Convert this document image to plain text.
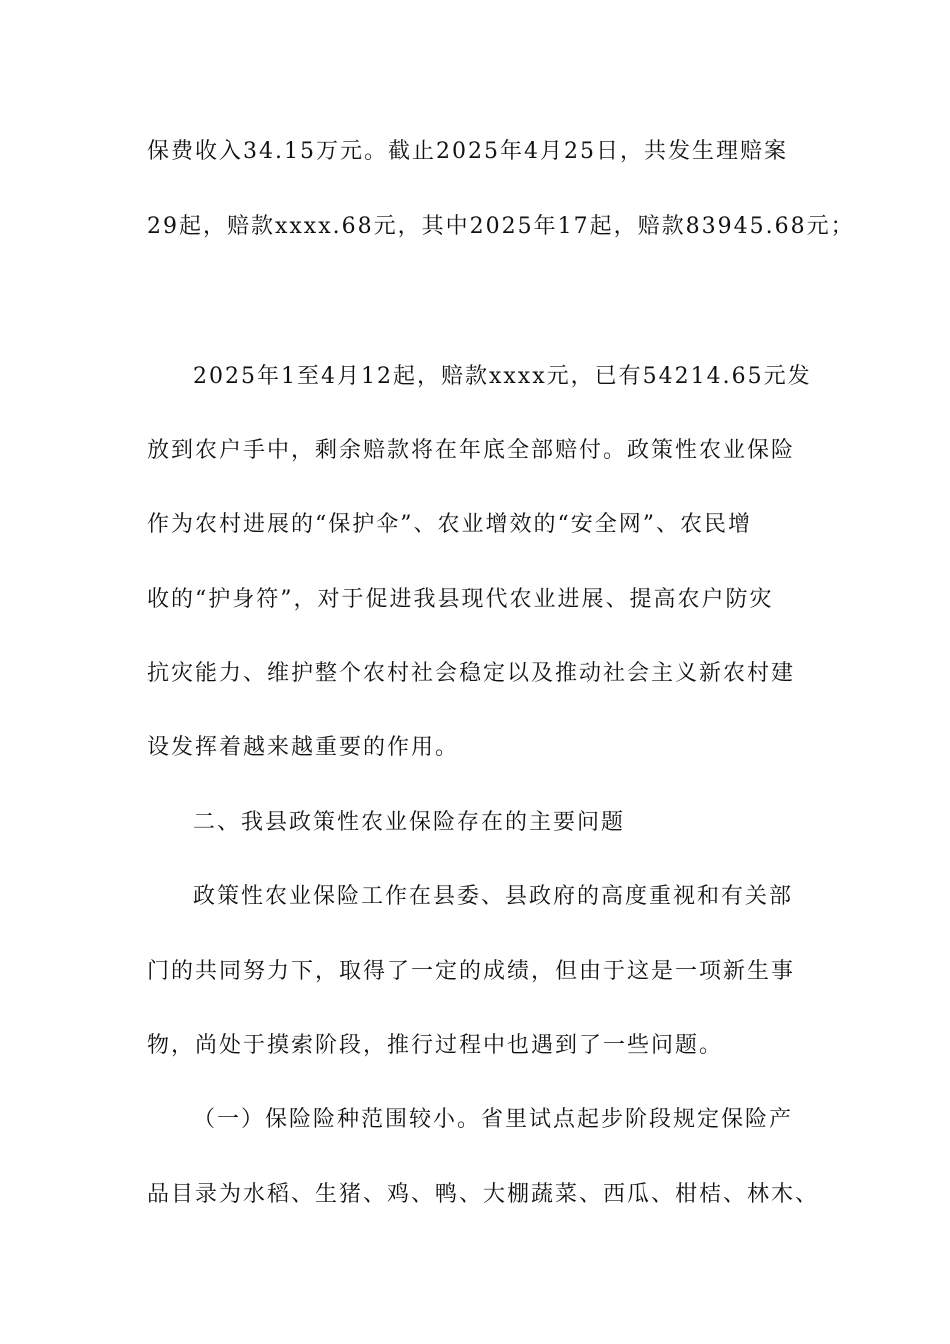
保费收入34.15万元。截止2025年4月25日，共发生理赔案
29起，赔款xxxx.68元，其中2025年17起，赔款83945.68元；
2025年1至4月12起，赔款xxxx元，已有54214.65元发
放到农户手中，剩余赔款将在年底全部赔付。政策性农业保险
作为农村进展的“保护伞”、农业增效的“安全网”、农民增
收的“护身符”，对于促进我县现代农业进展、提高农户防灾
抗灾能力、维护整个农村社会稳定以及推动社会主义新农村建
设发挥着越来越重要的作用。
二、我县政策性农业保险存在的主要问题
政策性农业保险工作在县委、县政府的高度重视和有关部
门的共同努力下，取得了一定的成绩，但由于这是一项新生事
物，尚处于摸索阶段，推行过程中也遇到了一些问题。
（一）保险险种范围较小。省里试点起步阶段规定保险产
品目录为水稻、生猪、鸡、鸭、大棚蔬菜、西瓜、柑桔、林木、
